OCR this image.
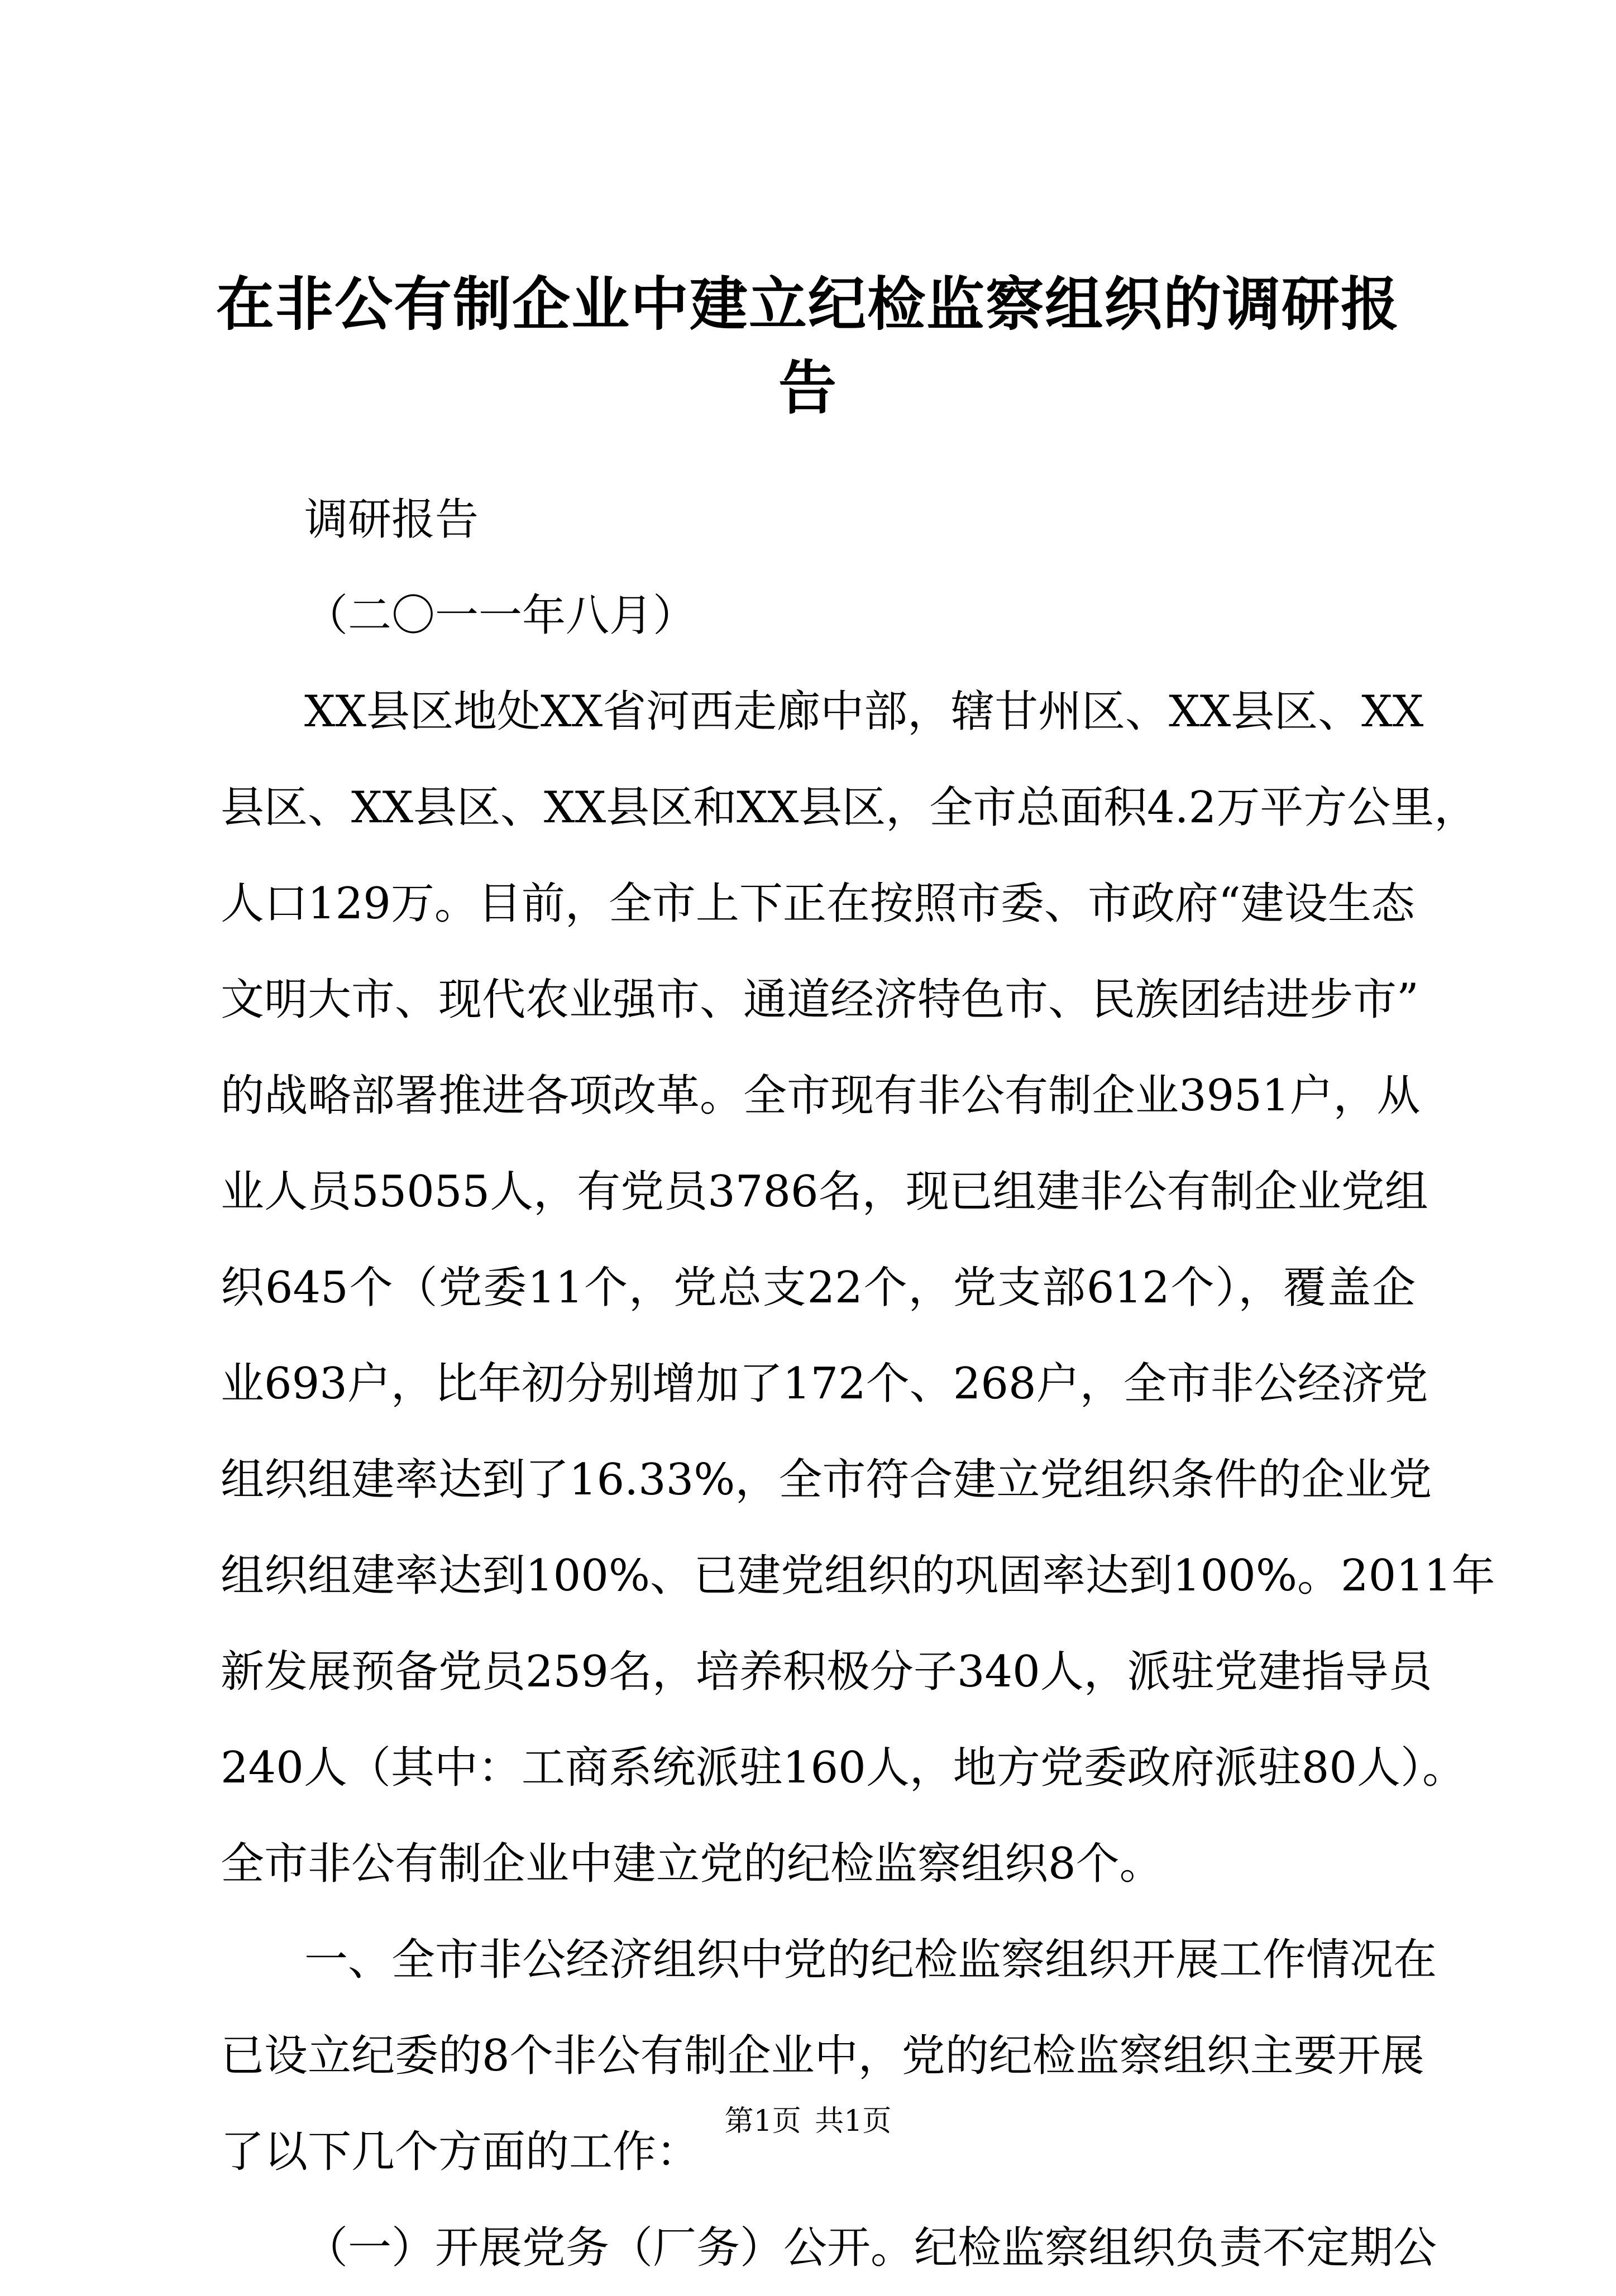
在非公有制企业中建立纪检监察组织的调研报
告
调研报告
（二〇一一年八月）
XX县区地处XX省河西走廊中部，辖甘州区、XX县区、XX
县区、XX县区、XX县区和XX县区，全市总面积4.2万平方公里，
人口129万。目前，全市上下正在按照市委、市政府“建设生态
文明大市、现代农业强市、通道经济特色市、民族团结进步市”
的战略部署推进各项改革。全市现有非公有制企业3951户，从
业人员55055人，有党员3786名，现已组建非公有制企业党组
织645个（党委11个，党总支22个，党支部612个），覆盖企
业693户，比年初分别增加了172个、268户，全市非公经济党
组织组建率达到了16.33%，全市符合建立党组织条件的企业党
组织组建率达到100%、已建党组织的巩固率达到100%。2011年
新发展预备党员259名，培养积极分子340人，派驻党建指导员
240人（其中：工商系统派驻160人，地方党委政府派驻80人）。
全市非公有制企业中建立党的纪检监察组织8个。
一、全市非公经济组织中党的纪检监察组织开展工作情况在
已设立纪委的8个非公有制企业中，党的纪检监察组织主要开展
了以下几个方面的工作：
（一）开展党务（厂务）公开。纪检监察组织负责不定期公
第1页 共1页
